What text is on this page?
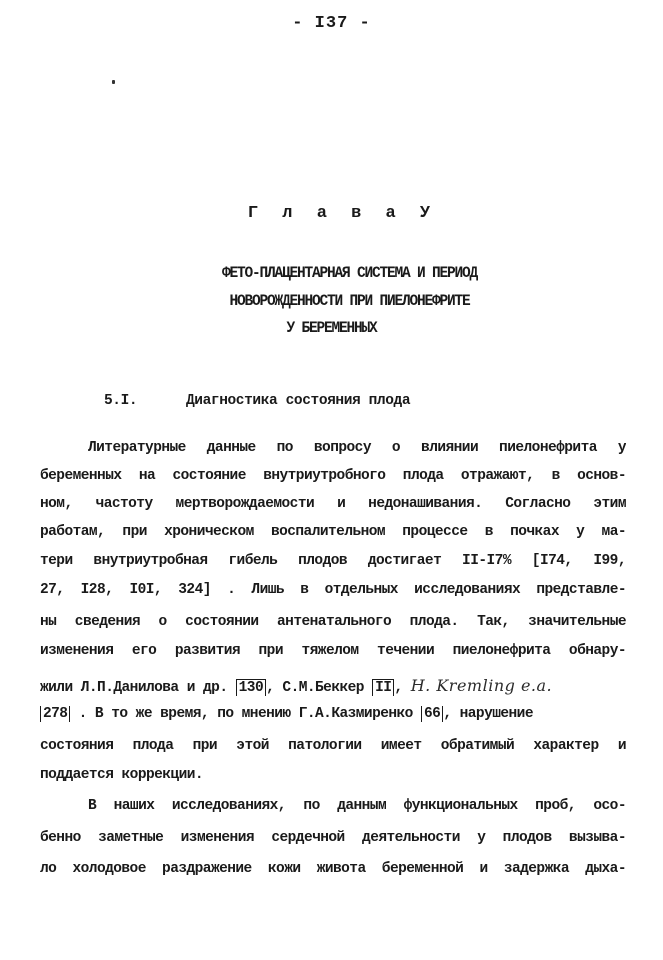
- I37 -
Г л а в а У
ФЕТО-ПЛАЦЕНТАРНАЯ СИСТЕМА И ПЕРИОД
НОВОРОЖДЕННОСТИ ПРИ ПИЕЛОНЕФРИТЕ
У БЕРЕМЕННЫХ
5.I.	Диагностика состояния плода
Литературные данные по вопросу о влиянии пиелонефрита у
беременных на состояние внутриутробного плода отражают, в основ-
ном, частоту мертворождаемости и недонашивания. Согласно этим
работам, при хроническом воспалительном процессе в почках у ма-
тери внутриутробная гибель плодов достигает II-I7% [I74, I99,
27, I28, I0I, 324] . Лишь в отдельных исследованиях представле-
ны сведения о состоянии антенатального плода. Так, значительные
изменения его развития при тяжелом течении пиелонефрита обнару-
жили Л.П.Данилова и др. 130 , С.М.Беккер II , H. Kremling e.a.
278 . В то же время, по мнению Г.А.Казмиренко 66 , нарушение
состояния плода при этой патологии имеет обратимый характер и
поддается коррекции.
В наших исследованиях, по данным функциональных проб, осо-
бенно заметные изменения сердечной деятельности у плодов вызыва-
ло холодовое раздражение кожи живота беременной и задержка дыха-
